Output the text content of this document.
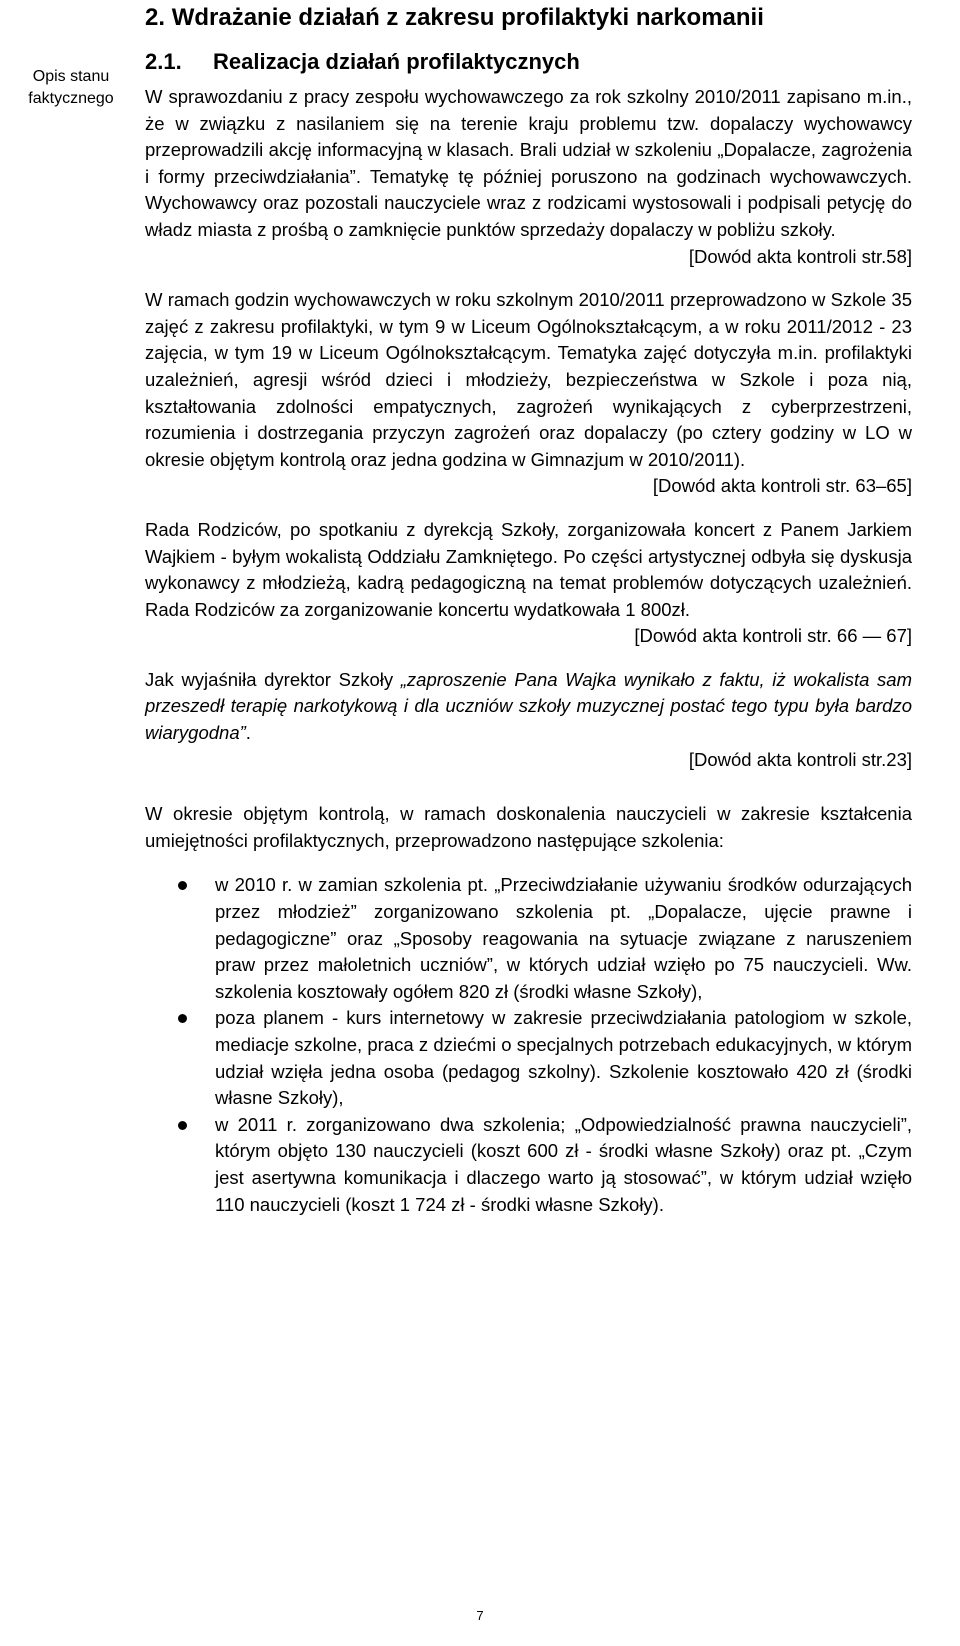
Opis stanu faktycznego
2. Wdrażanie działań z zakresu profilaktyki narkomanii
2.1. Realizacja działań profilaktycznych

W sprawozdaniu z pracy zespołu wychowawczego za rok szkolny 2010/2011 zapisano m.in., że w związku z nasilaniem się na terenie kraju problemu tzw. dopalaczy wychowawcy przeprowadzili akcję informacyjną w klasach. Brali udział w szkoleniu „Dopalacze, zagrożenia i formy przeciwdziałania”. Tematykę tę później poruszono na godzinach wychowawczych. Wychowawcy oraz pozostali nauczyciele wraz z rodzicami wystosowali i podpisali petycję do władz miasta z prośbą o zamknięcie punktów sprzedaży dopalaczy w pobliżu szkoły.

[Dowód akta kontroli str.58]

W ramach godzin wychowawczych w roku szkolnym 2010/2011 przeprowadzono w Szkole 35 zajęć z zakresu profilaktyki, w tym 9 w Liceum Ogólnokształcącym, a w roku 2011/2012 - 23 zajęcia, w tym 19 w Liceum Ogólnokształcącym. Tematyka zajęć dotyczyła m.in. profilaktyki uzależnień, agresji wśród dzieci i młodzieży, bezpieczeństwa w Szkole i poza nią, kształtowania zdolności empatycznych, zagrożeń wynikających z cyberprzestrzeni, rozumienia i dostrzegania przyczyn zagrożeń oraz dopalaczy (po cztery godziny w LO w okresie objętym kontrolą oraz jedna godzina w Gimnazjum w 2010/2011).

[Dowód akta kontroli str. 63–65]

Rada Rodziców, po spotkaniu z dyrekcją Szkoły, zorganizowała koncert z Panem Jarkiem Wajkiem - byłym wokalistą Oddziału Zamkniętego. Po części artystycznej odbyła się dyskusja wykonawcy z młodzieżą, kadrą pedagogiczną na temat problemów dotyczących uzależnień. Rada Rodziców za zorganizowanie koncertu wydatkowała 1 800zł.

[Dowód akta kontroli str. 66 — 67]

Jak wyjaśniła dyrektor Szkoły „zaproszenie Pana Wajka wynikało z faktu, iż wokalista sam przeszedł terapię narkotykową i dla uczniów szkoły muzycznej postać tego typu była bardzo wiarygodna”.

[Dowód akta kontroli str.23]

W okresie objętym kontrolą, w ramach doskonalenia nauczycieli w zakresie kształcenia umiejętności profilaktycznych, przeprowadzono następujące szkolenia:

w 2010 r. w zamian szkolenia pt. „Przeciwdziałanie używaniu środków odurzających przez młodzież” zorganizowano szkolenia pt. „Dopalacze, ujęcie prawne i pedagogiczne” oraz „Sposoby reagowania na sytuacje związane z naruszeniem praw przez małoletnich uczniów”, w których udział wzięło po 75 nauczycieli. Ww. szkolenia kosztowały ogółem 820 zł (środki własne Szkoły),
poza planem - kurs internetowy w zakresie przeciwdziałania patologiom w szkole, mediacje szkolne, praca z dziećmi o specjalnych potrzebach edukacyjnych, w którym udział wzięła jedna osoba (pedagog szkolny). Szkolenie kosztowało 420 zł (środki własne Szkoły),
w 2011 r. zorganizowano dwa szkolenia; „Odpowiedzialność prawna nauczycieli”, którym objęto 130 nauczycieli (koszt 600 zł - środki własne Szkoły) oraz pt. „Czym jest asertywna komunikacja i dlaczego warto ją stosować”, w którym udział wzięło 110 nauczycieli (koszt 1 724 zł - środki własne Szkoły).
7
